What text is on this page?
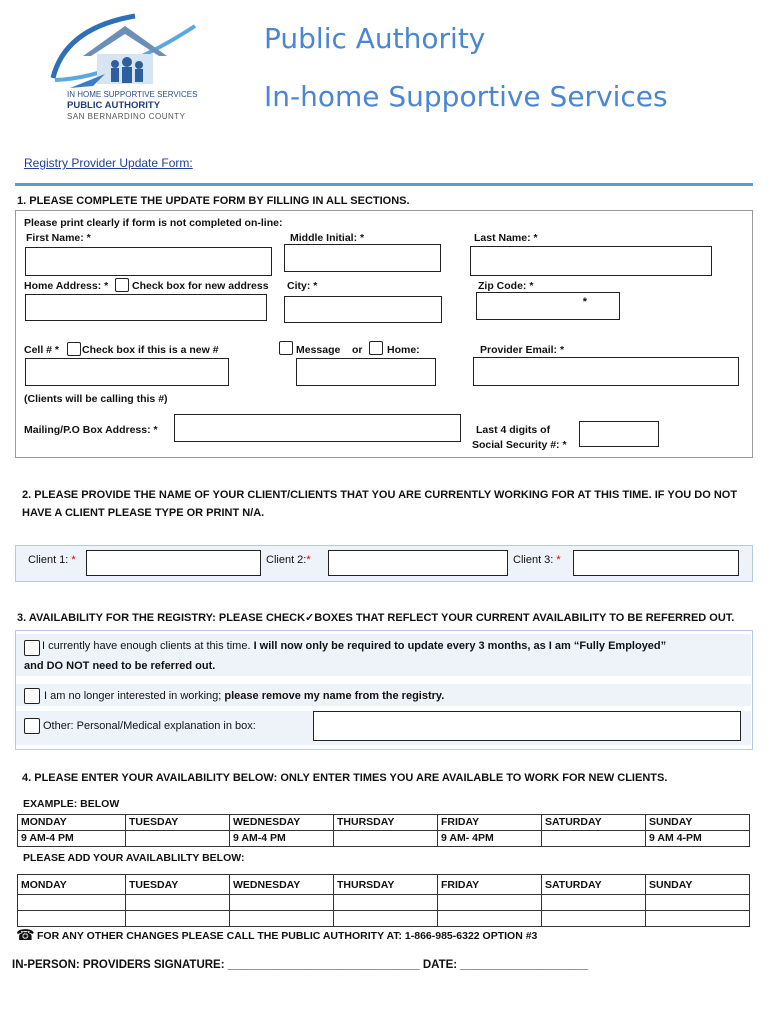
IN HOME SUPPORTIVE SERVICES
PUBLIC AUTHORITY
SAN BERNARDINO COUNTY
Public Authority
In-home Supportive Services
Registry Provider Update Form:
1. PLEASE COMPLETE THE UPDATE FORM BY FILLING IN ALL SECTIONS.
Please print clearly if form is not completed on-line:
First Name: *	Middle Initial: *	Last Name: *
Home Address: * Check box for new address City: *	Zip Code: *
*
Cell # * Check box if this is a new #	Message or Home:	Provider Email: *
(Clients will be calling this #)
Mailing/P.O Box Address: *	Last 4 digits of
Social Security #: *
2. PLEASE PROVIDE THE NAME OF YOUR CLIENT/CLIENTS THAT YOU ARE CURRENTLY WORKING FOR AT THIS TIME. IF YOU DO NOT HAVE A CLIENT PLEASE TYPE OR PRINT N/A.
Client 1: *	Client 2:*	Client 3: *
3. AVAILABILITY FOR THE REGISTRY: PLEASE CHECK✓BOXES THAT REFLECT YOUR CURRENT AVAILABILITY TO BE REFERRED OUT.
I currently have enough clients at this time. I will now only be required to update every 3 months, as I am “Fully Employed”
and DO NOT need to be referred out.
I am no longer interested in working; please remove my name from the registry.
Other: Personal/Medical explanation in box:
4. PLEASE ENTER YOUR AVAILABILITY BELOW: ONLY ENTER TIMES YOU ARE AVAILABLE TO WORK FOR NEW CLIENTS.
EXAMPLE: BELOW
MONDAY	TUESDAY	WEDNESDAY	THURSDAY	FRIDAY	SATURDAY	SUNDAY
9 AM-4 PM		9 AM-4 PM		9 AM- 4PM		9 AM 4-PM
PLEASE ADD YOUR AVAILABLILTY BELOW:
MONDAY	TUESDAY	WEDNESDAY	THURSDAY	FRIDAY	SATURDAY	SUNDAY

☎ FOR ANY OTHER CHANGES PLEASE CALL THE PUBLIC AUTHORITY AT: 1-866-985-6322 OPTION #3
IN-PERSON: PROVIDERS SIGNATURE: ______________________________ DATE: ____________________
